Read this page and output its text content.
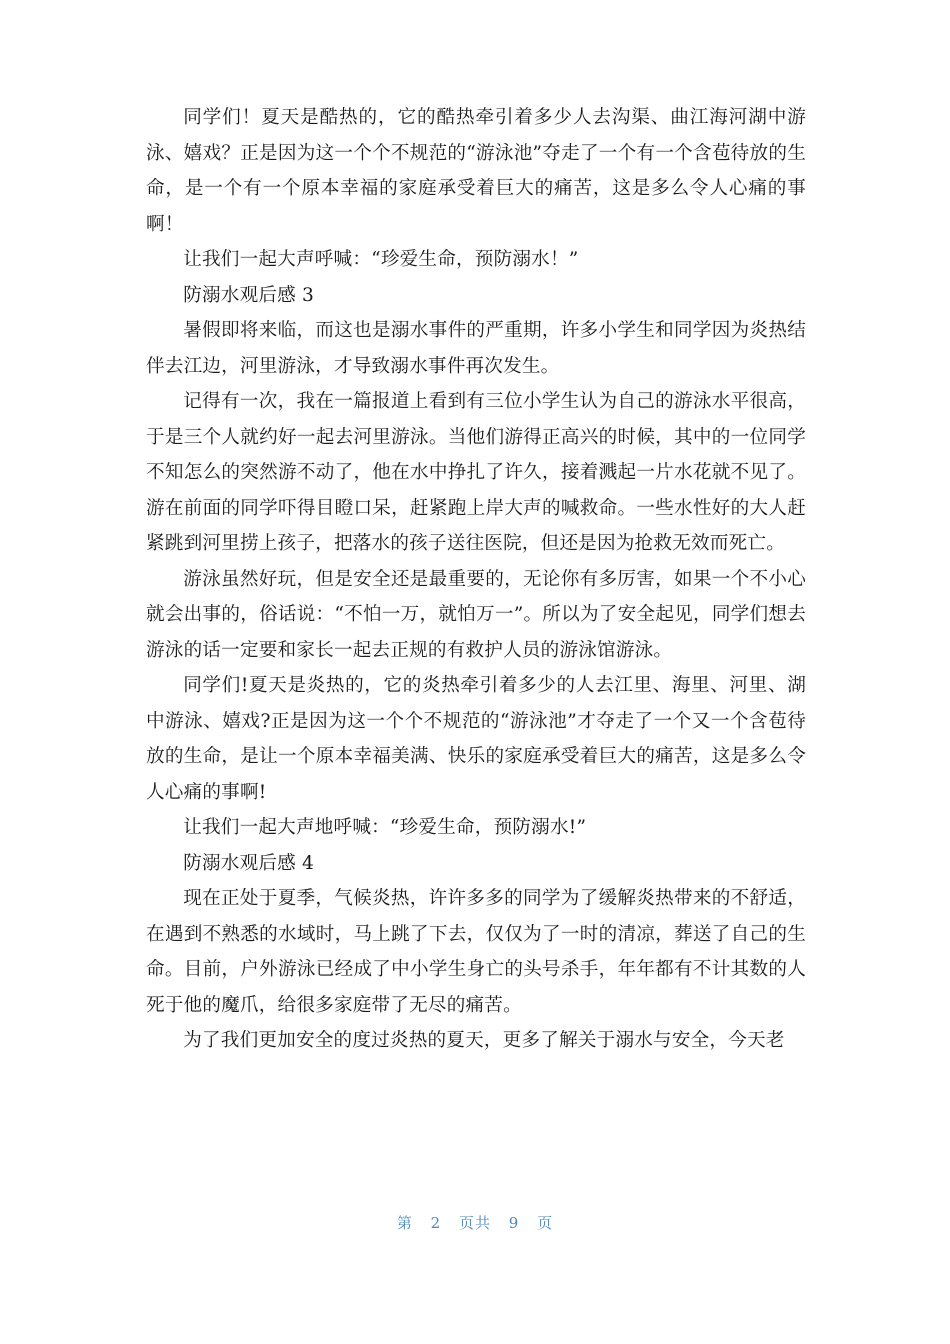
同学们！夏天是酷热的，它的酷热牵引着多少人去沟渠、曲江海河湖中游泳、嬉戏？正是因为这一个个不规范的“游泳池”夺走了一个有一个含苞待放的生命，是一个有一个原本幸福的家庭承受着巨大的痛苦，这是多么令人心痛的事啊！

让我们一起大声呼喊：“珍爱生命，预防溺水！”

防溺水观后感 3

暑假即将来临，而这也是溺水事件的严重期，许多小学生和同学因为炎热结伴去江边，河里游泳，才导致溺水事件再次发生。

记得有一次，我在一篇报道上看到有三位小学生认为自己的游泳水平很高，于是三个人就约好一起去河里游泳。当他们游得正高兴的时候，其中的一位同学不知怎么的突然游不动了，他在水中挣扎了许久，接着溅起一片水花就不见了。游在前面的同学吓得目瞪口呆，赶紧跑上岸大声的喊救命。一些水性好的大人赶紧跳到河里捞上孩子，把落水的孩子送往医院，但还是因为抢救无效而死亡。

游泳虽然好玩，但是安全还是最重要的，无论你有多厉害，如果一个不小心就会出事的，俗话说：“不怕一万，就怕万一”。所以为了安全起见，同学们想去游泳的话一定要和家长一起去正规的有救护人员的游泳馆游泳。

同学们!夏天是炎热的，它的炎热牵引着多少的人去江里、海里、河里、湖中游泳、嬉戏?正是因为这一个个不规范的“游泳池”才夺走了一个又一个含苞待放的生命，是让一个原本幸福美满、快乐的家庭承受着巨大的痛苦，这是多么令人心痛的事啊!

让我们一起大声地呼喊：“珍爱生命，预防溺水!”

防溺水观后感 4

现在正处于夏季，气候炎热，许许多多的同学为了缓解炎热带来的不舒适，在遇到不熟悉的水域时，马上跳了下去，仅仅为了一时的清凉，葬送了自己的生命。目前，户外游泳已经成了中小学生身亡的头号杀手，年年都有不计其数的人死于他的魔爪，给很多家庭带了无尽的痛苦。

为了我们更加安全的度过炎热的夏天，更多了解关于溺水与安全，今天老

第 2 页共 9 页
